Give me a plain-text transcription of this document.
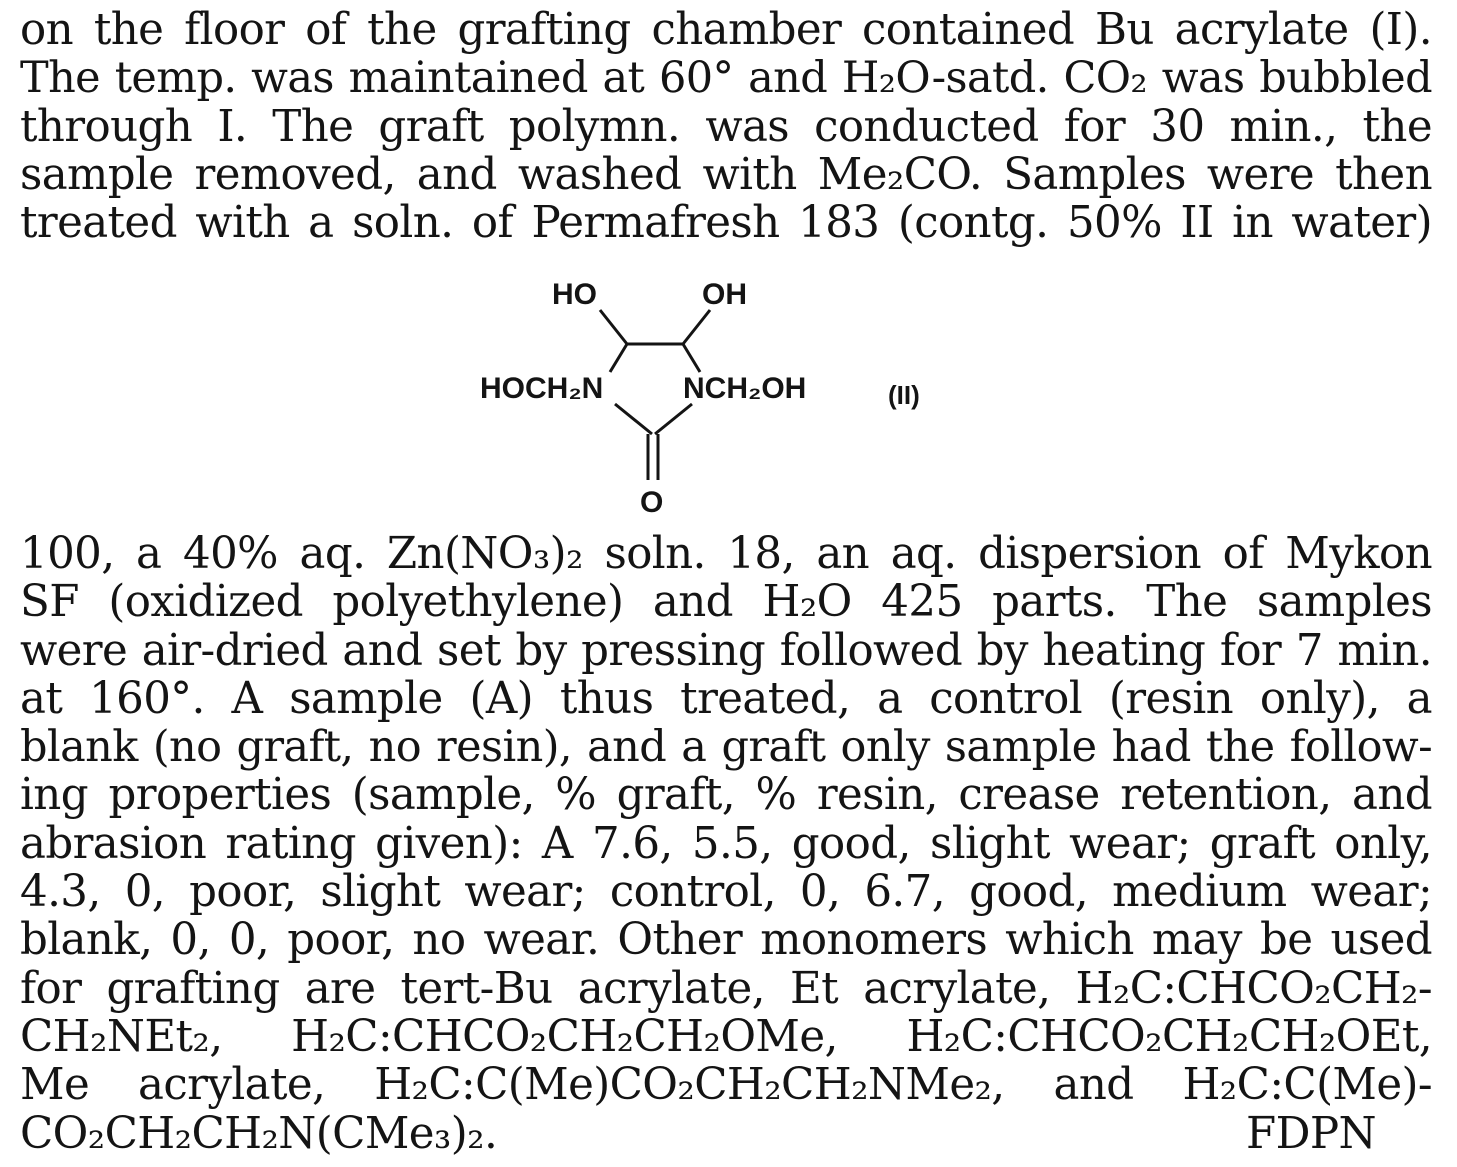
on the floor of the grafting chamber contained Bu acrylate (I).
The temp. was maintained at 60° and H₂O-satd. CO₂ was bubbled
through I. The graft polymn. was conducted for 30 min., the
sample removed, and washed with Me₂CO. Samples were then
treated with a soln. of Permafresh 183 (contg. 50% II in water)
HO	OH
HOCH₂N	NCH₂OH
O
(II)
100, a 40% aq. Zn(NO₃)₂ soln. 18, an aq. dispersion of Mykon
SF (oxidized polyethylene) and H₂O 425 parts. The samples
were air-dried and set by pressing followed by heating for 7 min.
at 160°. A sample (A) thus treated, a control (resin only), a
blank (no graft, no resin), and a graft only sample had the follow-
ing properties (sample, % graft, % resin, crease retention, and
abrasion rating given): A 7.6, 5.5, good, slight wear; graft only,
4.3, 0, poor, slight wear; control, 0, 6.7, good, medium wear;
blank, 0, 0, poor, no wear. Other monomers which may be used
for grafting are tert-Bu acrylate, Et acrylate, H₂C:CHCO₂CH₂-
CH₂NEt₂, H₂C:CHCO₂CH₂CH₂OMe, H₂C:CHCO₂CH₂CH₂OEt,
Me acrylate, H₂C:C(Me)CO₂CH₂CH₂NMe₂, and H₂C:C(Me)-
CO₂CH₂CH₂N(CMe₃)₂.	FDPN
